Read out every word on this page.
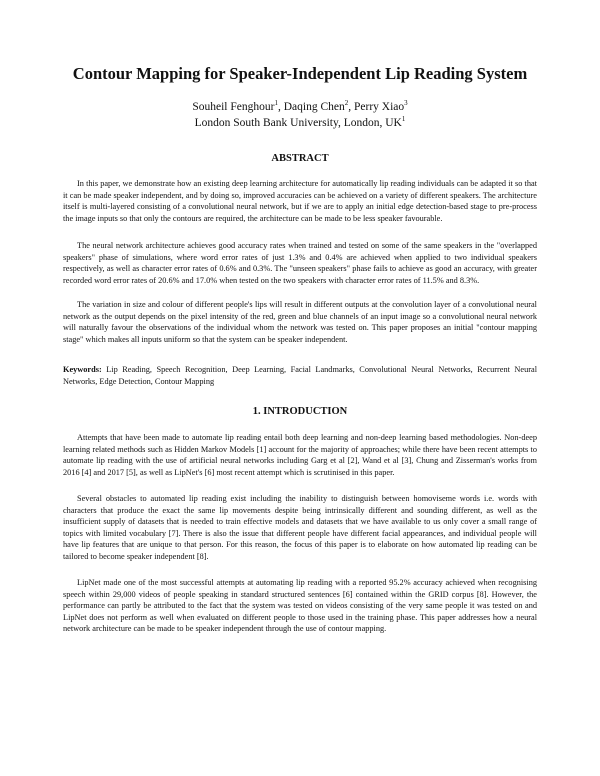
Contour Mapping for Speaker-Independent Lip Reading System
Souheil Fenghour$^1$, Daqing Chen$^2$, Perry Xiao$^3$
London South Bank University, London, $UK^1$
ABSTRACT
In this paper, we demonstrate how an existing deep learning architecture for automatically lip reading individuals can be adapted it so that it can be made speaker independent, and by doing so, improved accuracies can be achieved on a variety of different speakers. The architecture itself is multi-layered consisting of a convolutional neural network, but if we are to apply an initial edge detection-based stage to pre-process the image inputs so that only the contours are required, the architecture can be made to be less speaker favourable.
The neural network architecture achieves good accuracy rates when trained and tested on some of the same speakers in the "overlapped speakers" phase of simulations, where word error rates of just 1.3% and 0.4% are achieved when applied to two individual speakers respectively, as well as character error rates of 0.6% and 0.3%. The "unseen speakers" phase fails to achieve as good an accuracy, with greater recorded word error rates of 20.6% and 17.0% when tested on the two speakers with character error rates of 11.5% and 8.3%.
The variation in size and colour of different people's lips will result in different outputs at the convolution layer of a convolutional neural network as the output depends on the pixel intensity of the red, green and blue channels of an input image so a convolutional neural network will naturally favour the observations of the individual whom the network was tested on. This paper proposes an initial "contour mapping stage" which makes all inputs uniform so that the system can be speaker independent.
Keywords: Lip Reading, Speech Recognition, Deep Learning, Facial Landmarks, Convolutional Neural Networks, Recurrent Neural Networks, Edge Detection, Contour Mapping
1. INTRODUCTION
Attempts that have been made to automate lip reading entail both deep learning and non-deep learning based methodologies. Non-deep learning related methods such as Hidden Markov Models [1] account for the majority of approaches; while there have been recent attempts to automate lip reading with the use of artificial neural networks including Garg et al [2], Wand et al [3], Chung and Zisserman's works from 2016 [4] and 2017 [5], as well as LipNet's [6] most recent attempt which is scrutinised in this paper.
Several obstacles to automated lip reading exist including the inability to distinguish between homoviseme words i.e. words with characters that produce the exact the same lip movements despite being intrinsically different and sounding different, as well as the insufficient supply of datasets that is needed to train effective models and datasets that we have available to us only cover a small range of topics with limited vocabulary [7]. There is also the issue that different people have different facial appearances, and individual people will have lip features that are unique to that person. For this reason, the focus of this paper is to elaborate on how automated lip reading can be tailored to become speaker independent [8].
LipNet made one of the most successful attempts at automating lip reading with a reported 95.2% accuracy achieved when recognising speech within 29,000 videos of people speaking in standard structured sentences [6] contained within the GRID corpus [8]. However, the performance can partly be attributed to the fact that the system was tested on videos consisting of the very same people it was tested on and LipNet does not perform as well when evaluated on different people to those used in the training phase. This paper addresses how a neural network architecture can be made to be speaker independent through the use of contour mapping.
